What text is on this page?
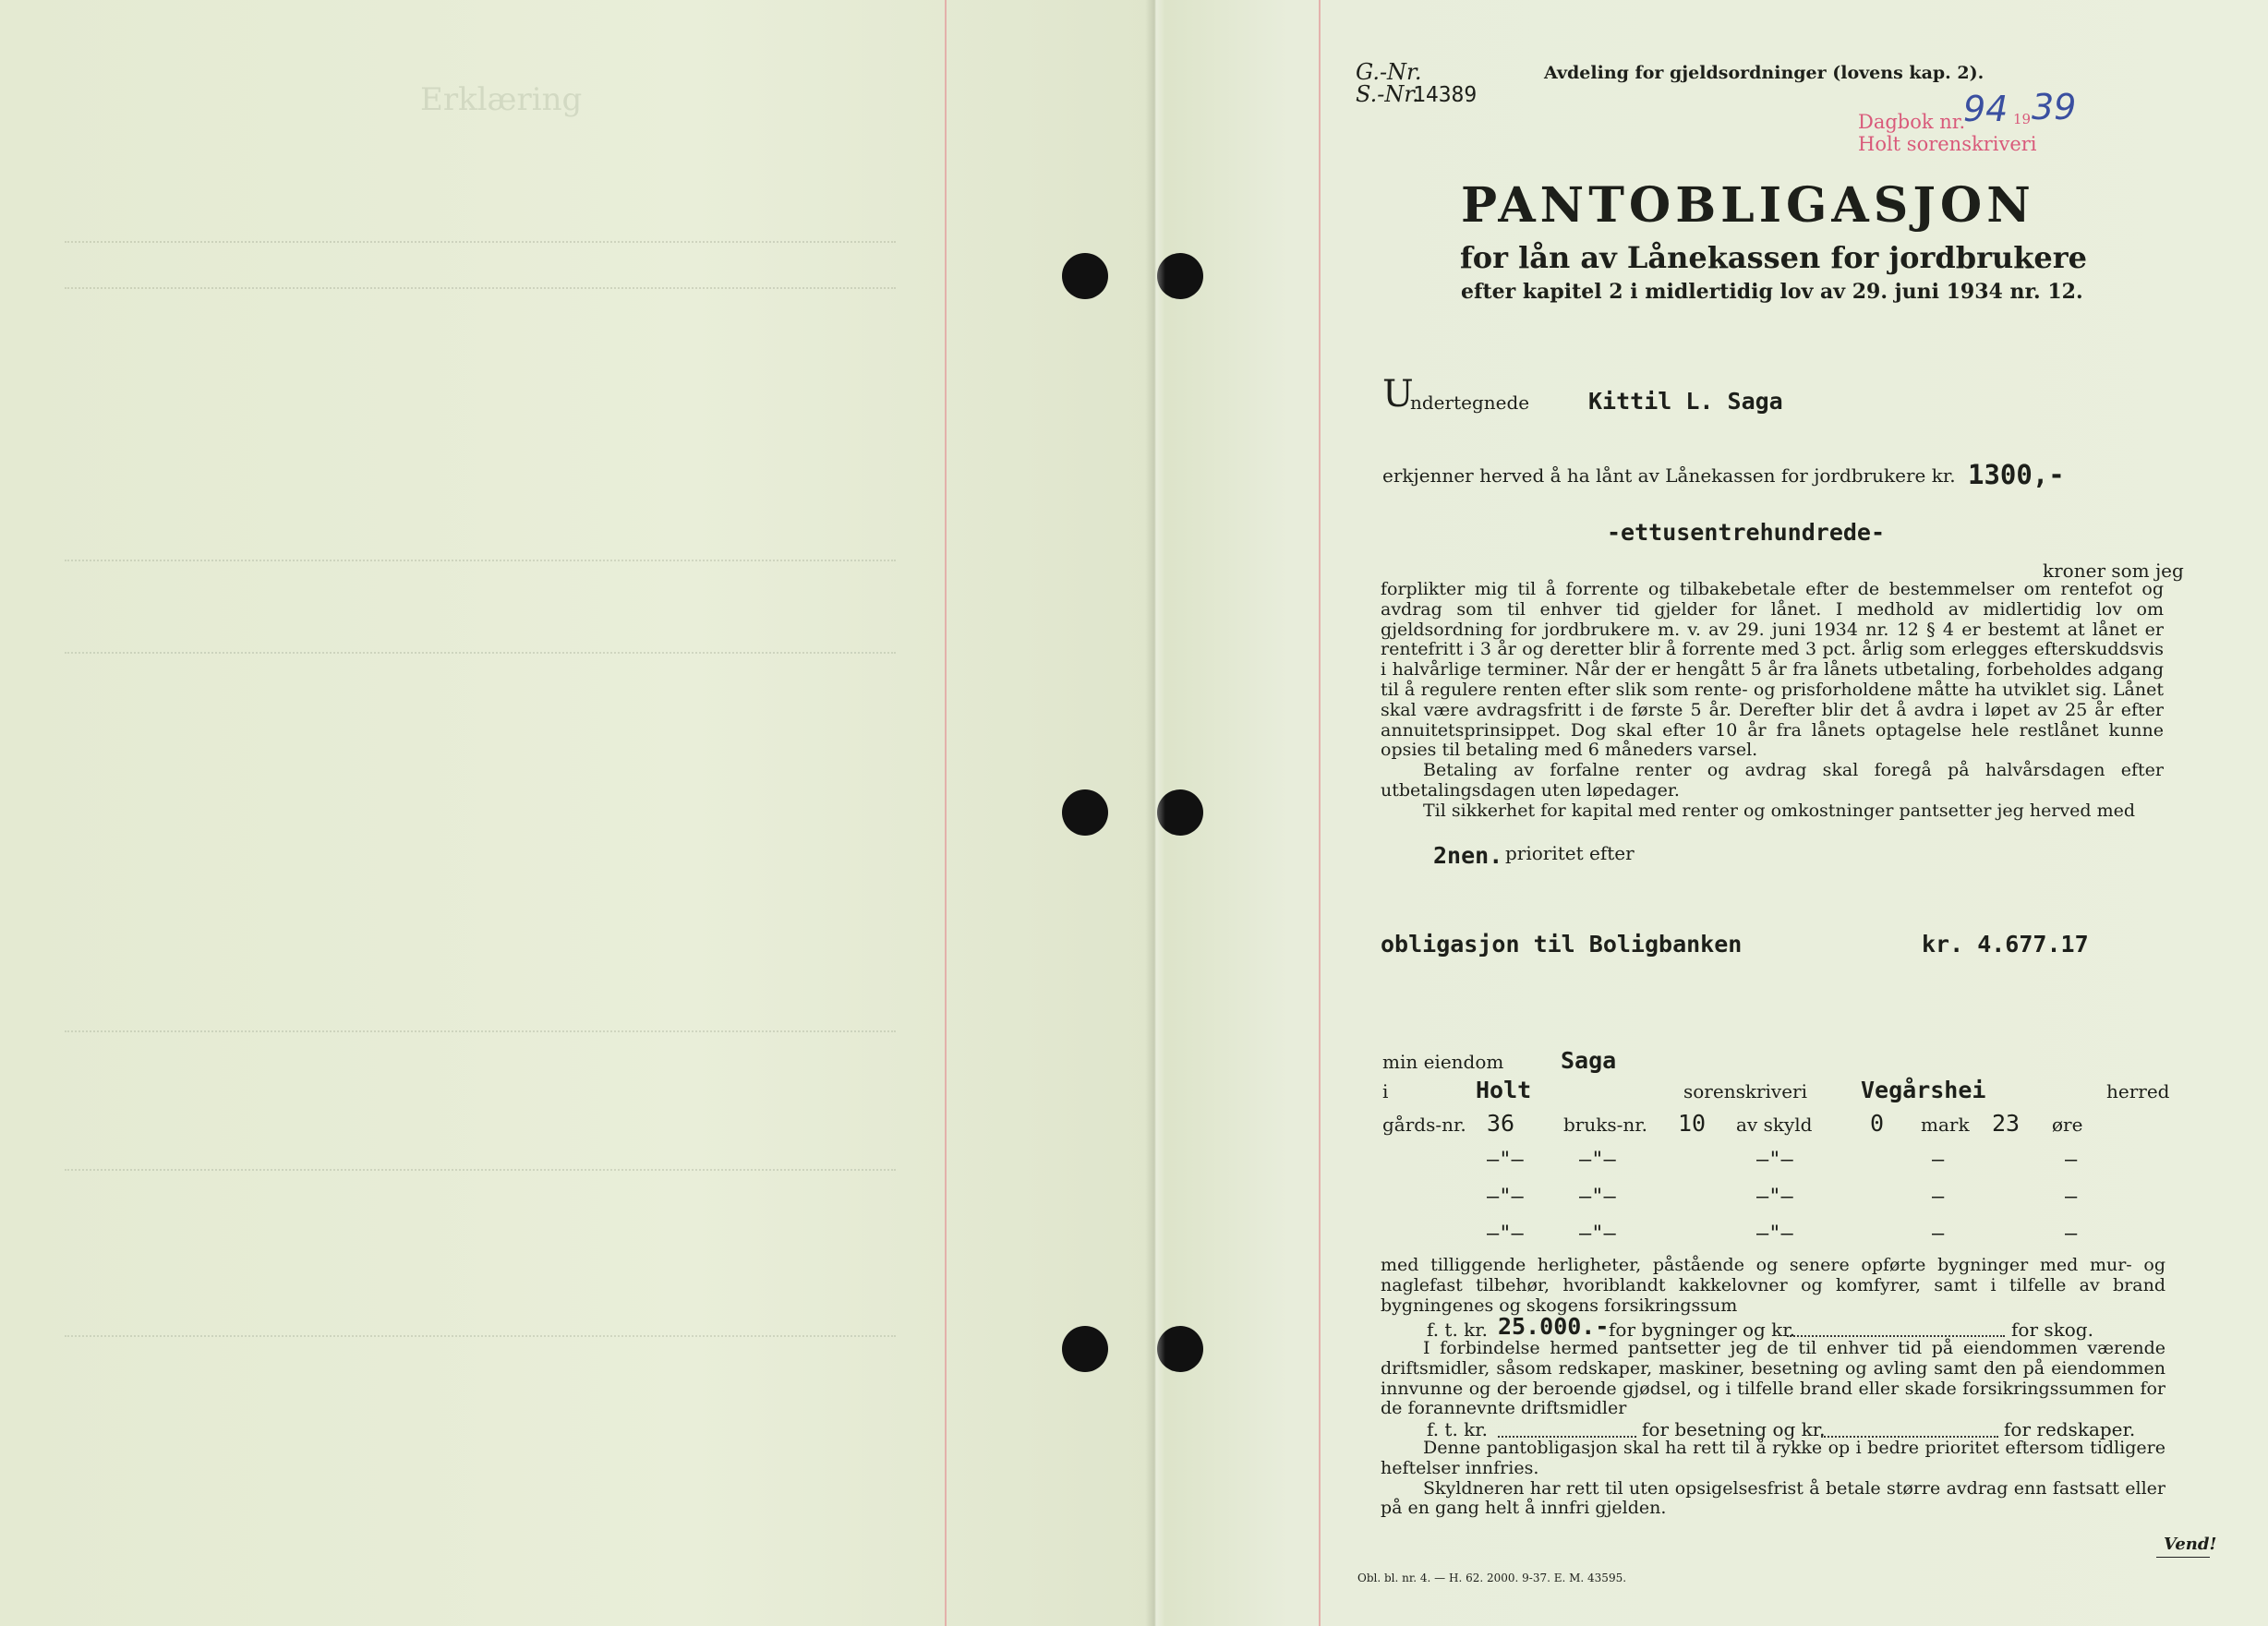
Erklæring
G.-Nr.
S.-Nr.
14389
Avdeling for gjeldsordninger (lovens kap. 2).
Dagbok nr.
94 19 39
Holt sorenskriveri
PANTOBLIGASJON
for lån av Lånekassen for jordbrukere
efter kapitel 2 i midlertidig lov av 29. juni 1934 nr. 12.
U
ndertegnede	Kittil L. Saga
erkjenner herved å ha lånt av Lånekassen for jordbrukere kr. 1300,-
-ettusentrehundrede-
kroner som jeg

forplikter mig til å forrente og tilbakebetale efter de bestemmelser om rentefot og avdrag som til enhver tid gjelder for lånet. I medhold av midlertidig lov om gjeldsordning for jordbrukere m. v. av 29. juni 1934 nr. 12 § 4 er bestemt at lånet er rentefritt i 3 år og deretter blir å forrente med 3 pct. årlig som erlegges efterskuddsvis i halvårlige terminer. Når der er hengått 5 år fra lånets utbetaling, forbeholdes adgang til å regulere renten efter slik som rente- og prisforholdene måtte ha utviklet sig. Lånet skal være avdragsfritt i de første 5 år. Derefter blir det å avdra i løpet av 25 år efter annuitetsprinsippet. Dog skal efter 10 år fra lånets optagelse hele restlånet kunne opsies til betaling med 6 måneders varsel.

Betaling av forfalne renter og avdrag skal foregå på halvårsdagen efter utbetalingsdagen uten løpedager.

Til sikkerhet for kapital med renter og omkostninger pantsetter jeg herved med

2nen. prioritet efter
obligasjon til Boligbanken	kr. 4.677.17
min eiendom Saga
i	Holt	sorenskriveri Vegårshei	herred
gårds-nr. 36	bruks-nr. 10 av skyld	0 mark 23 øre
—"—	—"—	—"—	—	—
—"—	—"—	—"—	—	—
—"—	—"—	—"—	—	—

med tilliggende herligheter, påstående og senere opførte bygninger med mur- og naglefast tilbehør, hvoriblandt kakkelovner og komfyrer, samt i tilfelle av brand bygningenes og skogens forsikringssum

f. t. kr. 25.000.- for bygninger og kr.	for skog.

I forbindelse hermed pantsetter jeg de til enhver tid på eiendommen værende driftsmidler, såsom redskaper, maskiner, besetning og avling samt den på eiendommen innvunne og der beroende gjødsel, og i tilfelle brand eller skade forsikringssummen for de forannevnte driftsmidler

f. t. kr.	for besetning og kr.	for redskaper.

Denne pantobligasjon skal ha rett til å rykke op i bedre prioritet eftersom tidligere heftelser innfries.

Skyldneren har rett til uten opsigelsesfrist å betale større avdrag enn fastsatt eller på en gang helt å innfri gjelden.

Obl. bl. nr. 4. — H. 62. 2000. 9-37. E. M. 43595.
Vend!
